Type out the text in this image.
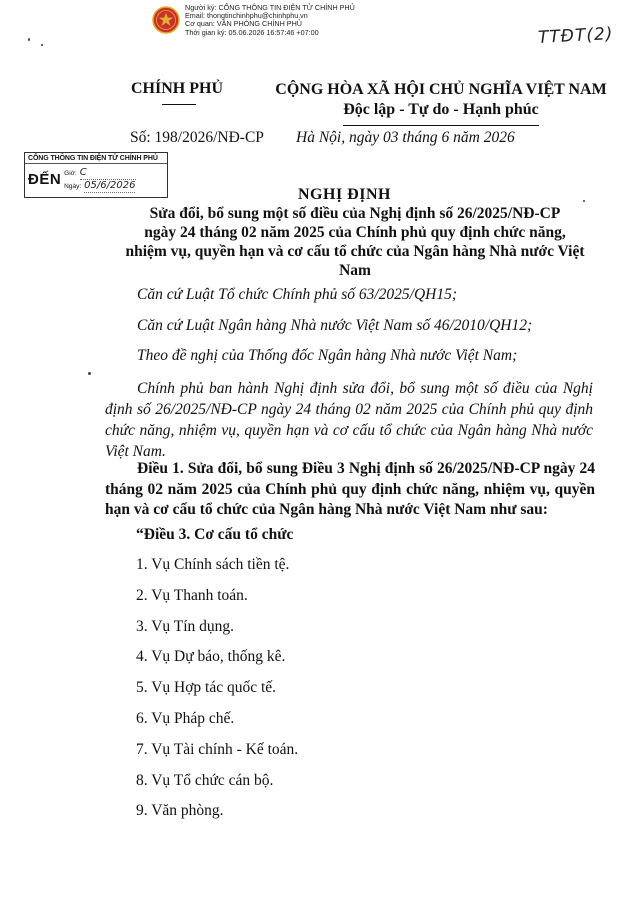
Người ký: CỔNG THÔNG TIN ĐIỆN TỬ CHÍNH PHỦ
Email: thongtinchinhphu@chinhphu.vn
Cơ quan: VĂN PHÒNG CHÍNH PHỦ
Thời gian ký: 05.06.2026 16:57:46 +07:00	TTĐT(2)
CHÍNH PHỦ	CỘNG HÒA XÃ HỘI CHỦ NGHĨA VIỆT NAM
Độc lập - Tự do - Hạnh phúc
Số: 198/2026/NĐ-CP Hà Nội, ngày 03 tháng 6 năm 2026
CỔNG THÔNG TIN ĐIỆN TỬ CHÍNH PHỦ
ĐẾN Giờ: C
Ngày: 05/6/2026
NGHỊ ĐỊNH
Sửa đổi, bổ sung một số điều của Nghị định số 26/2025/NĐ-CP
ngày 24 tháng 02 năm 2025 của Chính phủ quy định chức năng,
nhiệm vụ, quyền hạn và cơ cấu tổ chức của Ngân hàng Nhà nước Việt Nam
Căn cứ Luật Tổ chức Chính phủ số 63/2025/QH15;
Căn cứ Luật Ngân hàng Nhà nước Việt Nam số 46/2010/QH12;
Theo đề nghị của Thống đốc Ngân hàng Nhà nước Việt Nam;
Chính phủ ban hành Nghị định sửa đổi, bổ sung một số điều của Nghị định số 26/2025/NĐ-CP ngày 24 tháng 02 năm 2025 của Chính phủ quy định chức năng, nhiệm vụ, quyền hạn và cơ cấu tổ chức của Ngân hàng Nhà nước Việt Nam.
Điều 1. Sửa đổi, bổ sung Điều 3 Nghị định số 26/2025/NĐ-CP ngày 24 tháng 02 năm 2025 của Chính phủ quy định chức năng, nhiệm vụ, quyền hạn và cơ cấu tổ chức của Ngân hàng Nhà nước Việt Nam như sau:
“Điều 3. Cơ cấu tổ chức
1. Vụ Chính sách tiền tệ.
2. Vụ Thanh toán.
3. Vụ Tín dụng.
4. Vụ Dự báo, thống kê.
5. Vụ Hợp tác quốc tế.
6. Vụ Pháp chế.
7. Vụ Tài chính - Kế toán.
8. Vụ Tổ chức cán bộ.
9. Văn phòng.
